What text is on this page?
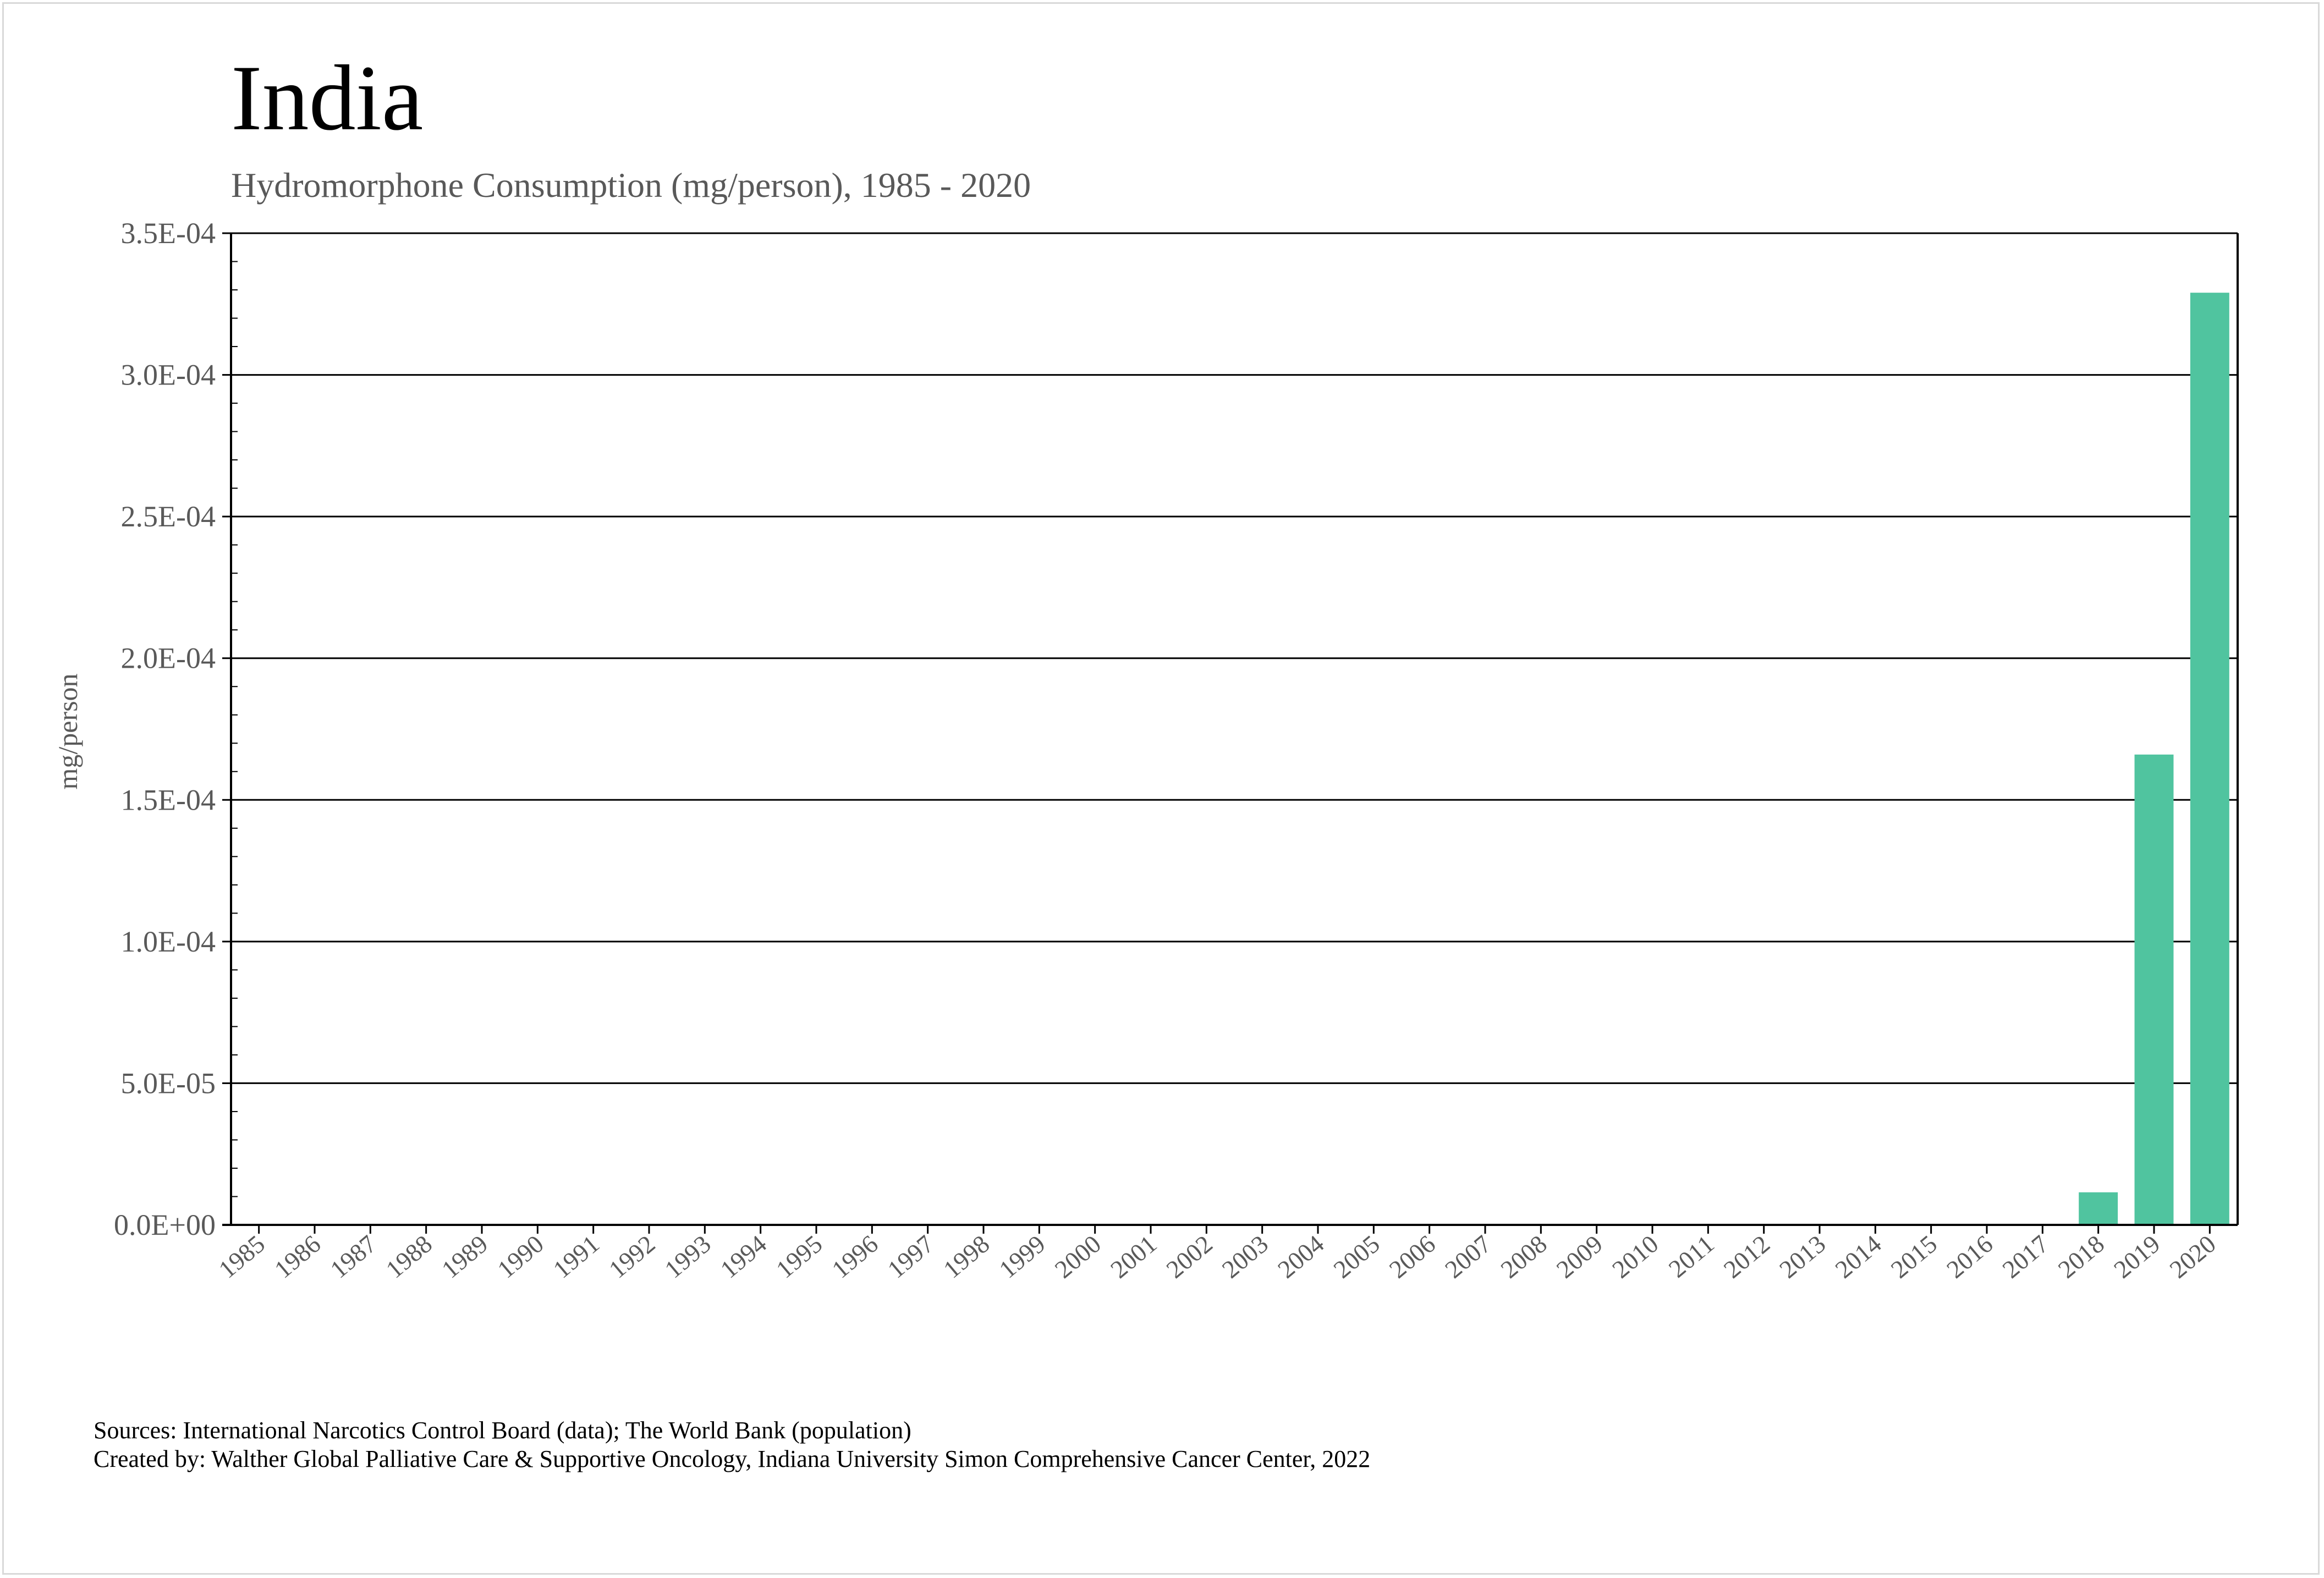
India
Hydromorphone Consumption (mg/person), 1985 - 2020
0.0E+00
5.0E-05
1.0E-04
1.5E-04
2.0E-04
2.5E-04
3.0E-04
3.5E-04
1985
1986
1987
1988
1989
1990
1991
1992
1993
1994
1995
1996
1997
1998
1999
2000
2001
2002
2003
2004
2005
2006
2007
2008
2009
2010 2011
2012
2013
2014
2015
2016
2017
2018
2019
2020
mg/person
Sources: International Narcotics Control Board (data); The World Bank (population)
Created by: Walther Global Palliative Care & Supportive Oncology, Indiana University Simon Comprehensive Cancer Center, 2022
